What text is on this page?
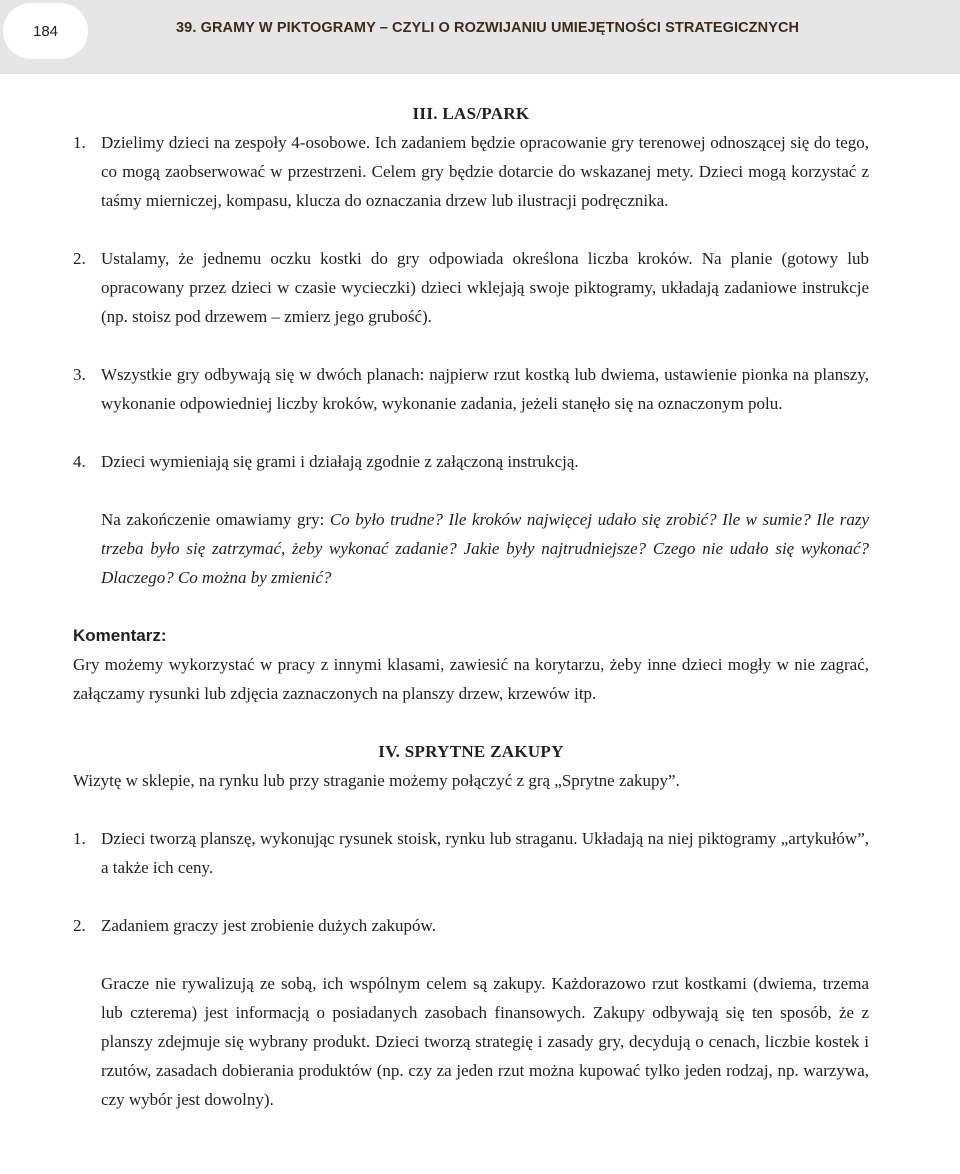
184	39. GRAMY W PIKTOGRAMY – CZYLI O ROZWIJANIU UMIEJĘTNOŚCI STRATEGICZNYCH

III. LAS/PARK

1. Dzielimy dzieci na zespoły 4-osobowe. Ich zadaniem będzie opracowanie gry terenowej odnoszącej się do tego, co mogą zaobserwować w przestrzeni. Celem gry będzie dotarcie do wskazanej mety. Dzieci mogą korzystać z taśmy mierniczej, kompasu, klucza do oznaczania drzew lub ilustracji podręcznika.
2. Ustalamy, że jednemu oczku kostki do gry odpowiada określona liczba kroków. Na planie (gotowy lub opracowany przez dzieci w czasie wycieczki) dzieci wklejają swoje piktogramy, układają zadaniowe instrukcje (np. stoisz pod drzewem – zmierz jego grubość).
3. Wszystkie gry odbywają się w dwóch planach: najpierw rzut kostką lub dwiema, ustawienie pionka na planszy, wykonanie odpowiedniej liczby kroków, wykonanie zadania, jeżeli stanęło się na oznaczonym polu.
4. Dzieci wymieniają się grami i działają zgodnie z załączoną instrukcją.

Na zakończenie omawiamy gry: Co było trudne? Ile kroków najwięcej udało się zrobić? Ile w sumie? Ile razy trzeba było się zatrzymać, żeby wykonać zadanie? Jakie były najtrudniejsze? Czego nie udało się wykonać? Dlaczego? Co można by zmienić?

Komentarz:

Gry możemy wykorzystać w pracy z innymi klasami, zawiesić na korytarzu, żeby inne dzieci mogły w nie zagrać, załączamy rysunki lub zdjęcia zaznaczonych na planszy drzew, krzewów itp.

IV. SPRYTNE ZAKUPY

Wizytę w sklepie, na rynku lub przy straganie możemy połączyć z grą „Sprytne zakupy”.

1. Dzieci tworzą planszę, wykonując rysunek stoisk, rynku lub straganu. Układają na niej piktogramy „artykułów”, a także ich ceny.
2. Zadaniem graczy jest zrobienie dużych zakupów.

Gracze nie rywalizują ze sobą, ich wspólnym celem są zakupy. Każdorazowo rzut kostkami (dwiema, trzema lub czterema) jest informacją o posiadanych zasobach finansowych. Zakupy odbywają się ten sposób, że z planszy zdejmuje się wybrany produkt. Dzieci tworzą strategię i zasady gry, decydują o cenach, liczbie kostek i rzutów, zasadach dobierania produktów (np. czy za jeden rzut można kupować tylko jeden rodzaj, np. warzywa, czy wybór jest dowolny).
